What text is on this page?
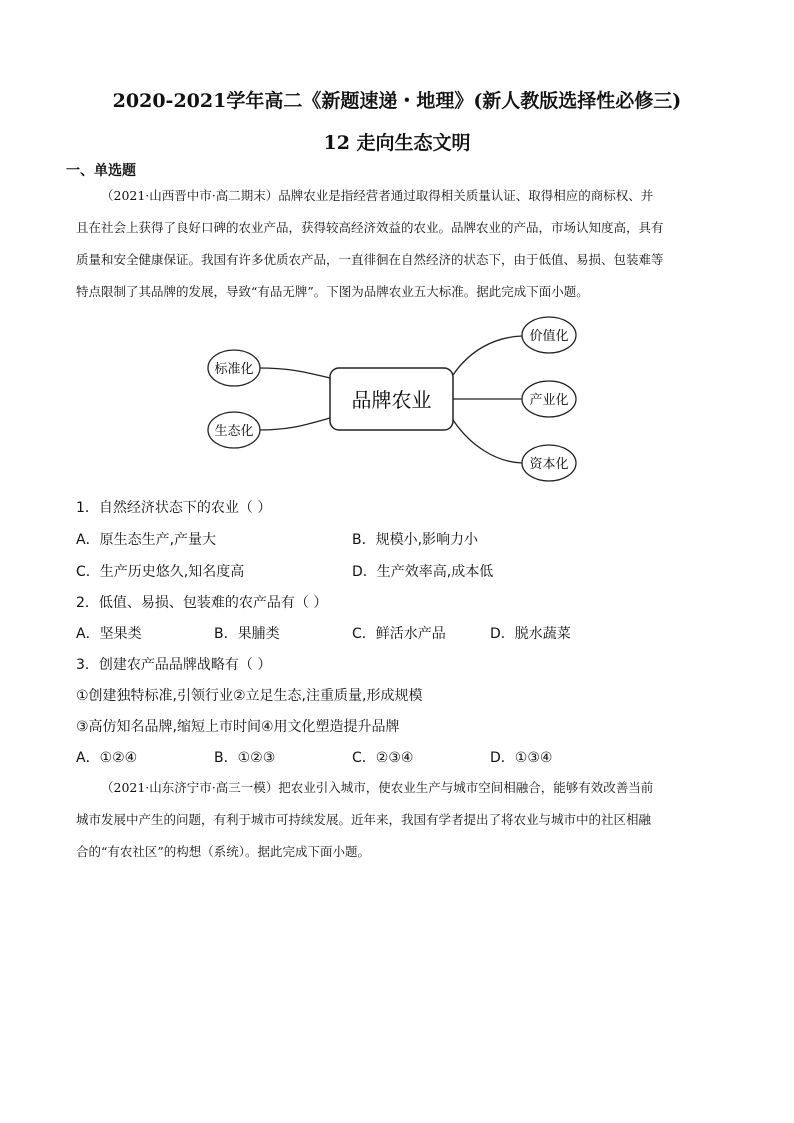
2020-2021学年高二《新题速递・地理》(新人教版选择性必修三)
12 走向生态文明
一、单选题

（2021·山西晋中市·高二期末）品牌农业是指经营者通过取得相关质量认证、取得相应的商标权、并

且在社会上获得了良好口碑的农业产品，获得较高经济效益的农业。品牌农业的产品，市场认知度高，具有

质量和安全健康保证。我国有许多优质农产品，一直徘徊在自然经济的状态下，由于低值、易损、包装难等

特点限制了其品牌的发展，导致“有品无牌”。下图为品牌农业五大标准。据此完成下面小题。

品牌农业
标准化
生态化
价值化
产业化
资本化
1．自然经济状态下的农业（ ）
A．原生态生产,产量大	B．规模小,影响力小
C．生产历史悠久,知名度高	D．生产效率高,成本低
2．低值、易损、包装难的农产品有（ ）
A．坚果类	B．果脯类	C．鲜活水产品	D．脱水蔬菜
3．创建农产品品牌战略有（ ）
①创建独特标准,引领行业②立足生态,注重质量,形成规模
③高仿知名品牌,缩短上市时间④用文化塑造提升品牌
A．①②④	B．①②③	C．②③④	D．①③④

（2021·山东济宁市·高三一模）把农业引入城市，使农业生产与城市空间相融合，能够有效改善当前

城市发展中产生的问题，有利于城市可持续发展。近年来，我国有学者提出了将农业与城市中的社区相融

合的“有农社区”的构想（系统）。据此完成下面小题。
